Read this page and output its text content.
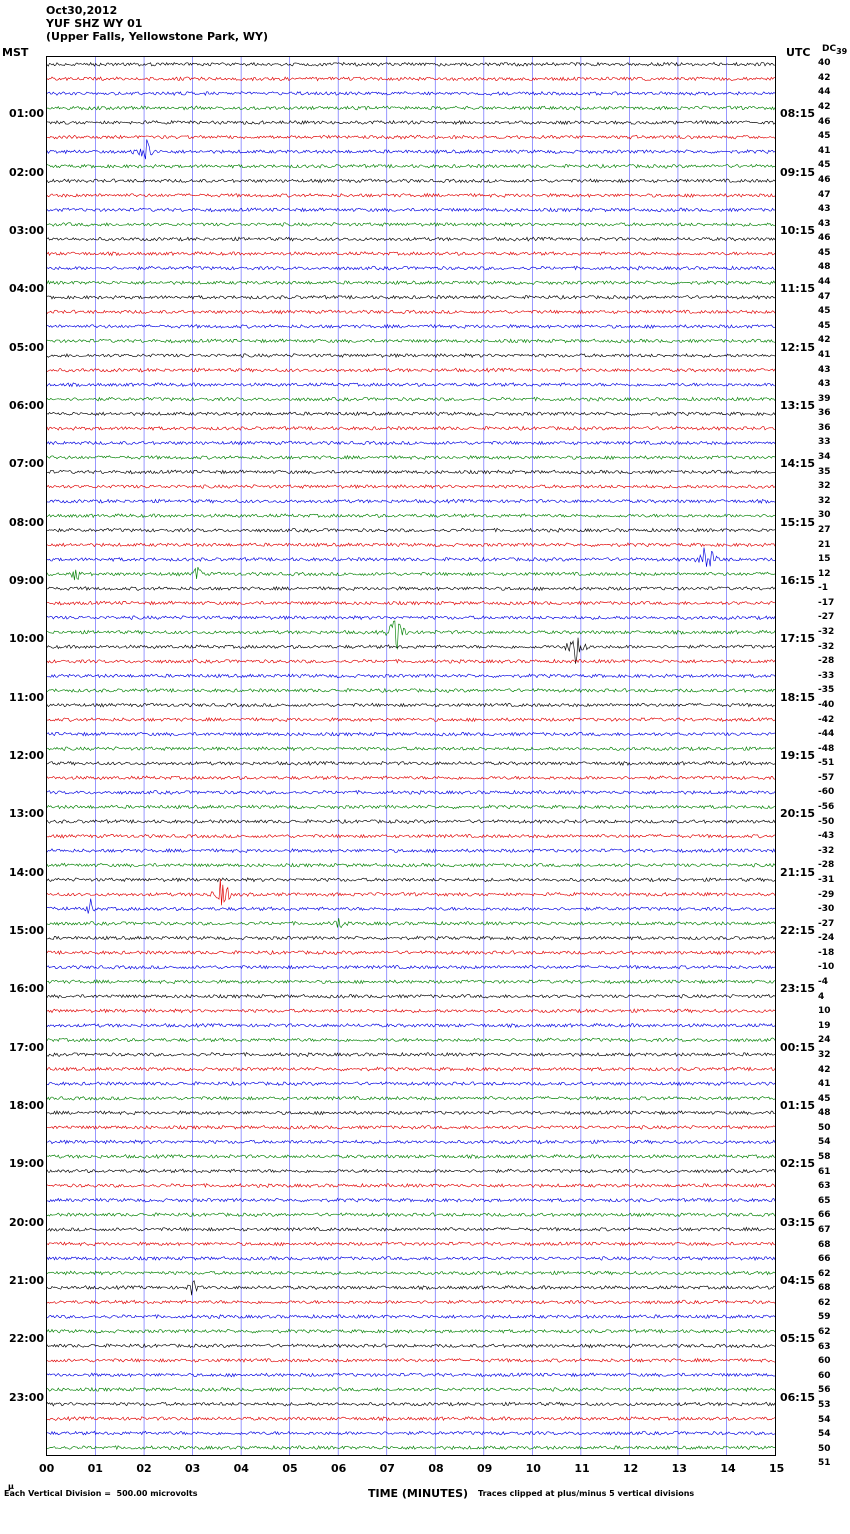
Oct30,2012
YUF SHZ WY 01
(Upper Falls, Yellowstone Park, WY)
MST	UTC $DC_{39}$
01:00	08:15
02:00	09:15
03:00	10:15
04:00	11:15
05:00	12:15
06:00	13:15
07:00	14:15
08:00	15:15
09:00	16:15
10:00	17:15
11:00	18:15
12:00	19:15
13:00	20:15
14:00	21:15
15:00	22:15
16:00	23:15
17:00	00:15
18:00	01:15
19:00	02:15
20:00	03:15
21:00	04:15
22:00	05:15
23:00	06:15
40
42
44
42
46
45
41
45
46
47
43
43
46
45
48
44
47
45
45
42
41
43
43
39
36
36
33
34
35
32
32
30
27
21
15
12
-1
-17
-27
-32
-32
-28
-33
-35
-40
-42
-44
-48
-51
-57
-60
-56
-50
-43
-32
-28
-31
-29
-30
-27
-24
-18
-10
-4
4
10
19
24
32
42
41
45
48
50
54
58
61
63
65
66
67
68
66
62
68
62
59
62
63
60
60
56
53
54
54
50
51
00	01	02	03	04	05	06	07	08	09	10	11	12	13	14	15
μ
Each Vertical Division =  500.00 microvolts	TIME (MINUTES) Traces clipped at plus/minus 5 vertical divisions
